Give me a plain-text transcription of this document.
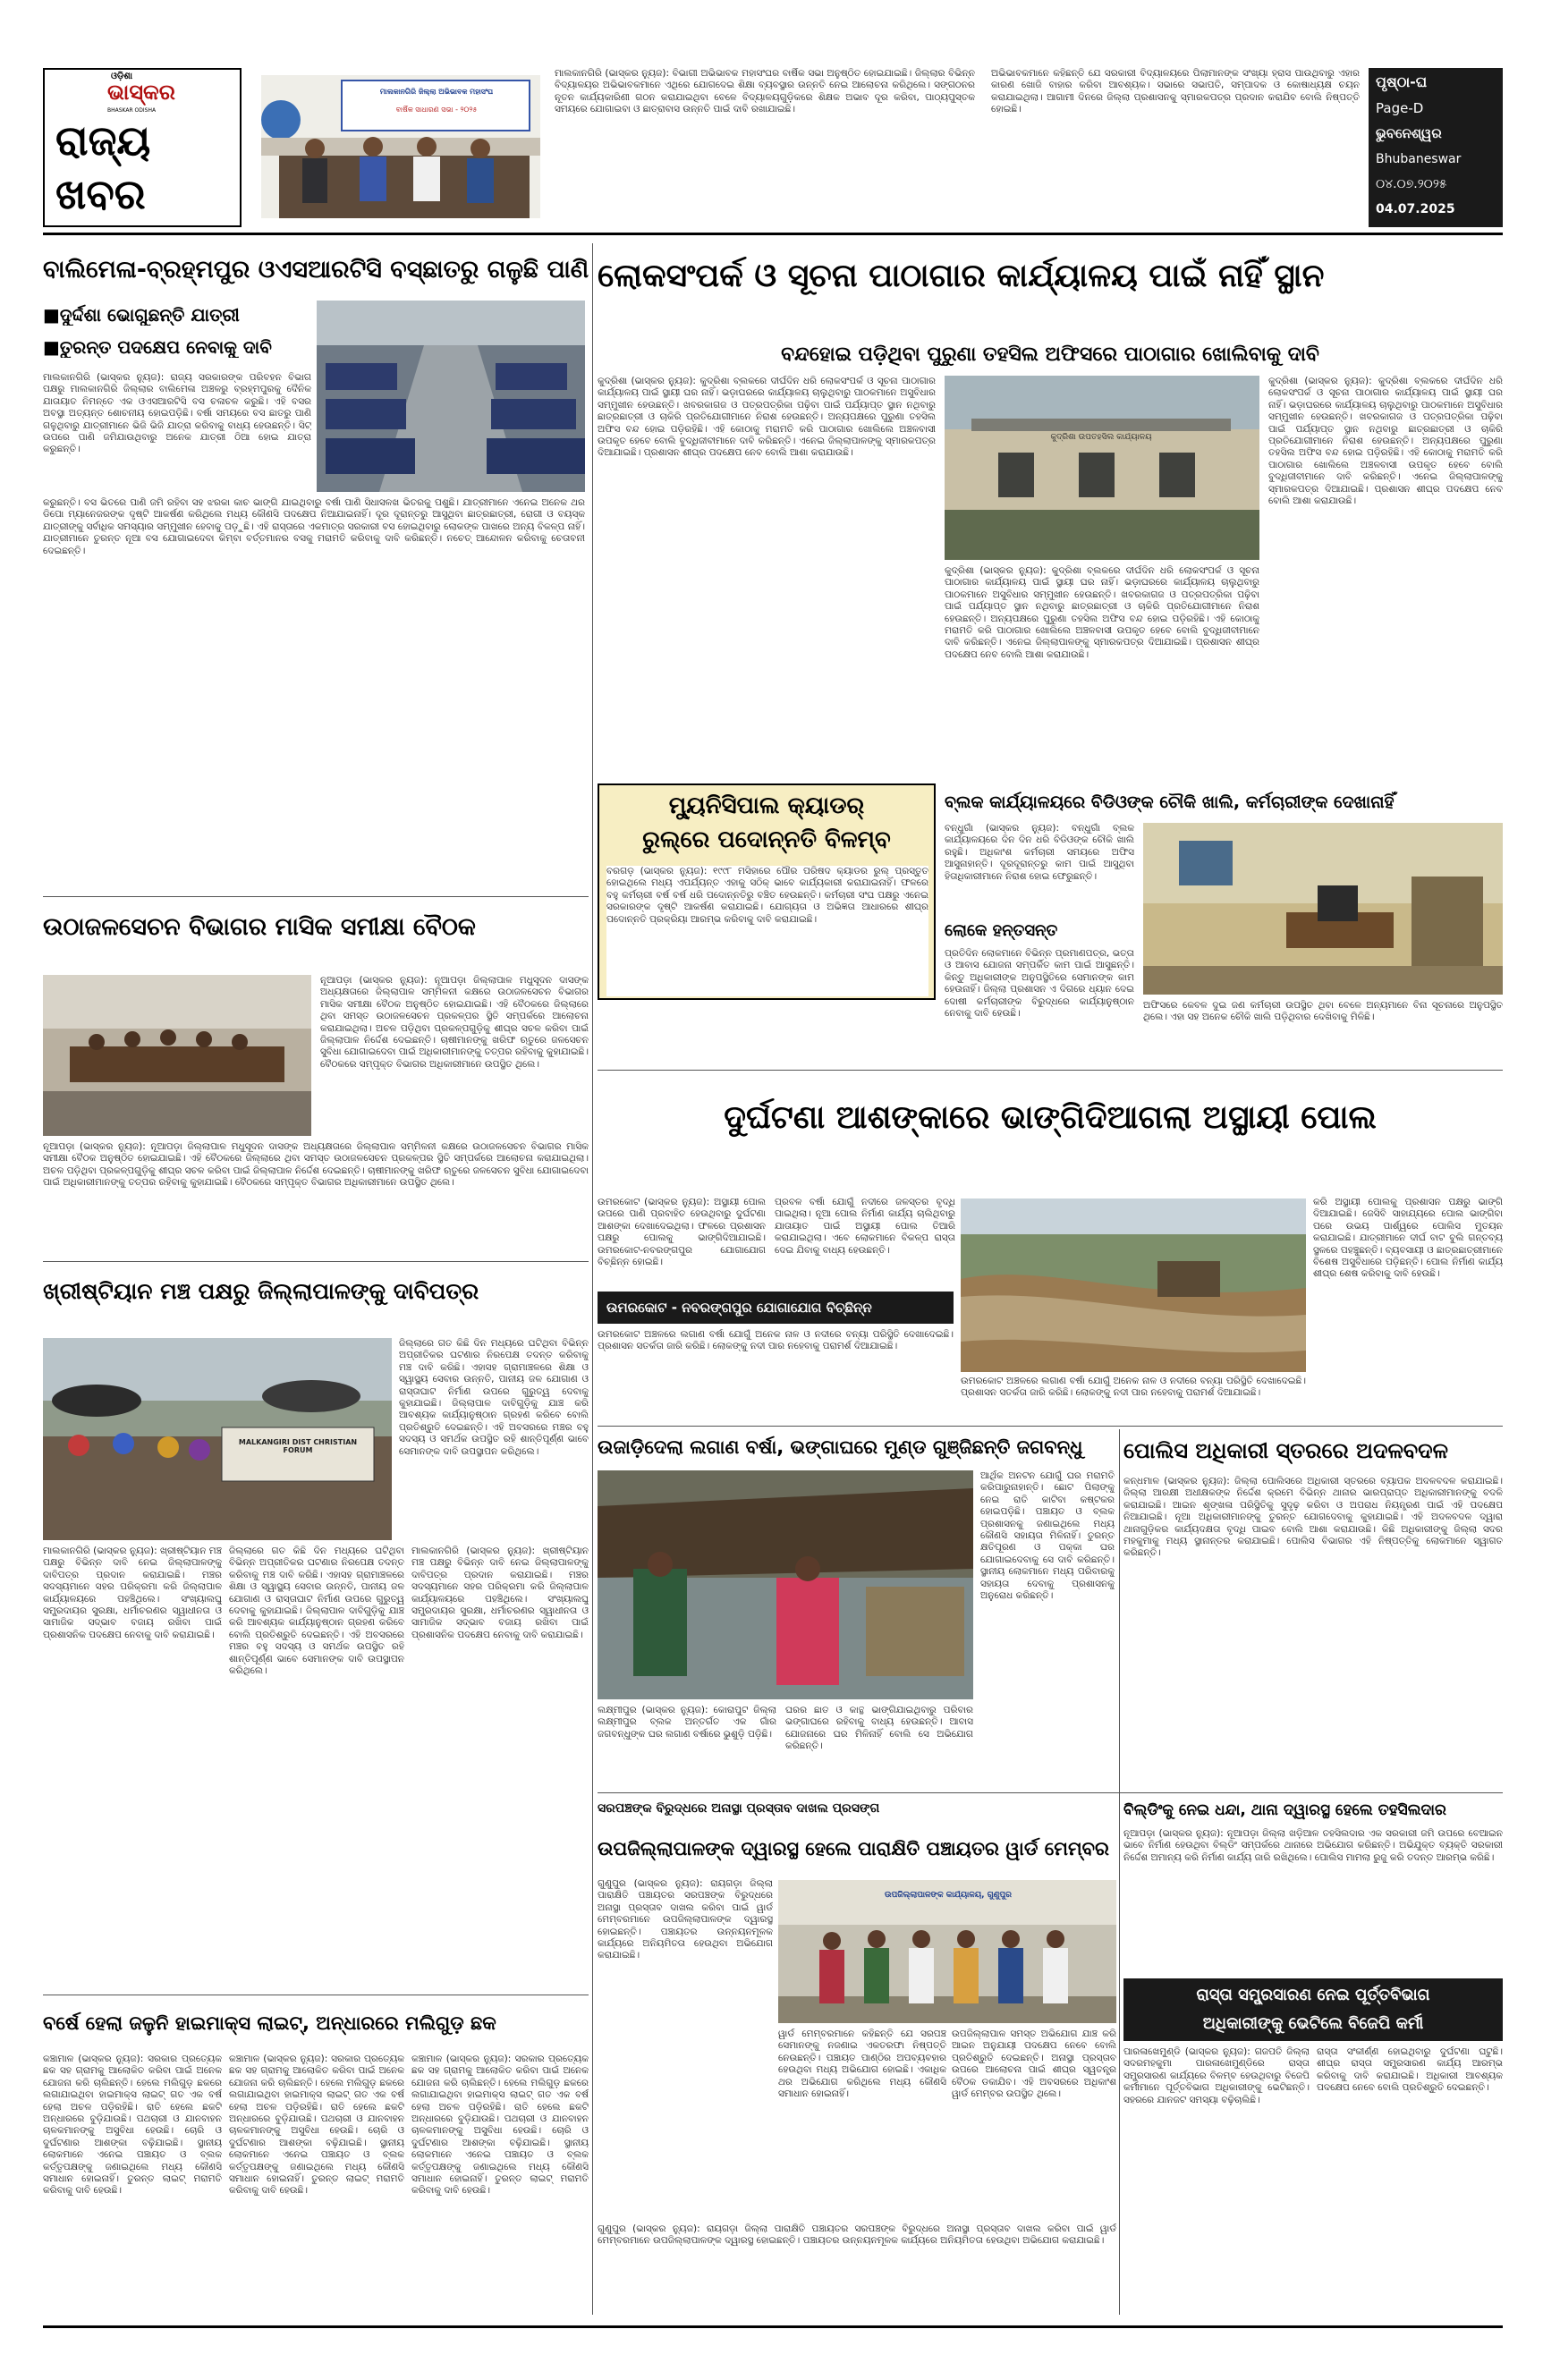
ଓଡ଼ିଶା
ଭାସ୍କର
BHASKAR ODISHA
ରାଜ୍ୟ
ଖବର
ମାଲକାନଗିରି ଜିଲ୍ଲା ଅଭିଭାବକ ମହାସଂଘ
ବାର୍ଷିକ ସାଧାରଣ ସଭା - ୨୦୨୫
ମାଲକାନଗିରି (ଭାସ୍କର ନ୍ୟୁଜ): ବିଭାଗୀ ଅଭିଭାବକ ମହାସଂଘର ବାର୍ଷିକ ସଭା ଅନୁଷ୍ଠିତ ହୋଇଯାଇଛି। ଜିଲ୍ଲାର ବିଭିନ୍ନ ବିଦ୍ୟାଳୟର ଅଭିଭାବକମାନେ ଏଥିରେ ଯୋଗଦେଇ ଶିକ୍ଷା ବ୍ୟବସ୍ଥାର ଉନ୍ନତି ନେଇ ଆଲୋଚନା କରିଥିଲେ। ସଙ୍ଗଠନର ନୂତନ କାର୍ଯ୍ୟକାରିଣୀ ଗଠନ କରାଯାଇଥିବା ବେଳେ ବିଦ୍ୟାଳୟଗୁଡ଼ିକରେ ଶିକ୍ଷକ ଅଭାବ ଦୂର କରିବା, ପାଠ୍ୟପୁସ୍ତକ ସମୟରେ ଯୋଗାଇବା ଓ ଛାତ୍ରାବାସ ଉନ୍ନତି ପାଇଁ ଦାବି ରଖାଯାଇଛି।
ଅଭିଭାବକମାନେ କହିଛନ୍ତି ଯେ ସରକାରୀ ବିଦ୍ୟାଳୟରେ ପିଲାମାନଙ୍କ ସଂଖ୍ୟା ହ୍ରାସ ପାଉଥିବାରୁ ଏହାର କାରଣ ଖୋଜି ବାହାର କରିବା ଆବଶ୍ୟକ। ସଭାରେ ସଭାପତି, ସମ୍ପାଦକ ଓ କୋଷାଧ୍ୟକ୍ଷ ଚୟନ କରାଯାଇଥିଲା। ଆଗାମୀ ଦିନରେ ଜିଲ୍ଲା ପ୍ରଶାସନକୁ ସ୍ମାରକପତ୍ର ପ୍ରଦାନ କରାଯିବ ବୋଲି ନିଷ୍ପତ୍ତି ହୋଇଛି।
ପୃଷ୍ଠା-ଘ
Page-D
ଭୁବନେଶ୍ୱର
Bhubaneswar
୦୪.୦୭.୨୦୨୫
04.07.2025
ବାଲିମେଳା-ବ୍ରହ୍ମପୁର ଓଏସଆରଟିସି ବସ୍‌ଛାତରୁ ଗଳୁଛି ପାଣି
■ଦୁର୍ଦ୍ଦଶା ଭୋଗୁଛନ୍ତି ଯାତ୍ରୀ
■ତୁରନ୍ତ ପଦକ୍ଷେପ ନେବାକୁ ଦାବି
ମାଲକାନଗିରି (ଭାସ୍କର ନ୍ୟୁଜ): ରାଜ୍ୟ ସରକାରଙ୍କ ପରିବହନ ବିଭାଗ ପକ୍ଷରୁ ମାଲକାନଗିରି ଜିଲ୍ଲାର ବାଲିମେଳା ଅଞ୍ଚଳରୁ ବ୍ରହ୍ମପୁରକୁ ଦୈନିକ ଯାତାୟାତ ନିମନ୍ତେ ଏକ ଓଏସଆରଟିସି ବସ ଚଳାଚଳ କରୁଛି। ଏହି ବସର ଅବସ୍ଥା ଅତ୍ୟନ୍ତ ଶୋଚନୀୟ ହୋଇପଡ଼ିଛି। ବର୍ଷା ସମୟରେ ବସ ଛାତରୁ ପାଣି ଗଳୁଥିବାରୁ ଯାତ୍ରୀମାନେ ଭିଜି ଭିଜି ଯାତ୍ରା କରିବାକୁ ବାଧ୍ୟ ହେଉଛନ୍ତି। ସିଟ୍ ଉପରେ ପାଣି ଜମିଯାଉଥିବାରୁ ଅନେକ ଯାତ୍ରୀ ଠିଆ ହୋଇ ଯାତ୍ରା କରୁଛନ୍ତି।
କରୁଛନ୍ତି। ବସ ଭିତରେ ପାଣି ଜମି ରହିବା ସହ ଝରକା କାଚ ଭାଙ୍ଗି ଯାଇଥିବାରୁ ବର୍ଷା ପାଣି ସିଧାସଳଖ ଭିତରକୁ ପଶୁଛି। ଯାତ୍ରୀମାନେ ଏନେଇ ଅନେକ ଥର ଡିପୋ ମ୍ୟାନେଜରଙ୍କ ଦୃଷ୍ଟି ଆକର୍ଷଣ କରିଥିଲେ ମଧ୍ୟ କୌଣସି ପଦକ୍ଷେପ ନିଆଯାଇନାହିଁ। ଦୂର ଦୂରାନ୍ତରୁ ଆସୁଥିବା ଛାତ୍ରଛାତ୍ରୀ, ରୋଗୀ ଓ ବୟସ୍କ ଯାତ୍ରୀଙ୍କୁ ସର୍ବାଧିକ ସମସ୍ୟାର ସମ୍ମୁଖୀନ ହେବାକୁ ପଡ଼ୁଛି। ଏହି ରାସ୍ତାରେ ଏକମାତ୍ର ସରକାରୀ ବସ ହୋଇଥିବାରୁ ଲୋକଙ୍କ ପାଖରେ ଅନ୍ୟ ବିକଳ୍ପ ନାହିଁ। ଯାତ୍ରୀମାନେ ତୁରନ୍ତ ନୂଆ ବସ ଯୋଗାଇଦେବା କିମ୍ବା ବର୍ତ୍ତମାନର ବସକୁ ମରାମତି କରିବାକୁ ଦାବି କରିଛନ୍ତି। ନଚେତ୍ ଆନ୍ଦୋଳନ କରିବାକୁ ଚେତାବନୀ ଦେଇଛନ୍ତି।
ଲୋକସଂପର୍କ ଓ ସୂଚନା ପାଠାଗାର କାର୍ଯ୍ୟାଳୟ ପାଇଁ ନାହିଁ ସ୍ଥାନ
ବନ୍ଦହୋଇ ପଡ଼ିଥିବା ପୁରୁଣା ତହସିଲ ଅଫିସରେ ପାଠାଗାର ଖୋଲିବାକୁ ଦାବି
କୁଦ୍ରିଶା (ଭାସ୍କର ନ୍ୟୁଜ): କୁଦ୍ରିଶା ବ୍ଲକରେ ଦୀର୍ଘଦିନ ଧରି ଲୋକସଂପର୍କ ଓ ସୂଚନା ପାଠାଗାର କାର୍ଯ୍ୟାଳୟ ପାଇଁ ସ୍ଥାୟୀ ଘର ନାହିଁ। ଭଡ଼ାଘରରେ କାର୍ଯ୍ୟାଳୟ ଚାଲୁଥିବାରୁ ପାଠକମାନେ ଅସୁବିଧାର ସମ୍ମୁଖୀନ ହେଉଛନ୍ତି। ଖବରକାଗଜ ଓ ପତ୍ରପତ୍ରିକା ପଢ଼ିବା ପାଇଁ ପର୍ଯ୍ୟାପ୍ତ ସ୍ଥାନ ନଥିବାରୁ ଛାତ୍ରଛାତ୍ରୀ ଓ ଚାକିରି ପ୍ରତିଯୋଗୀମାନେ ନିରାଶ ହେଉଛନ୍ତି। ଅନ୍ୟପକ୍ଷରେ ପୁରୁଣା ତହସିଲ ଅଫିସ ବନ୍ଦ ହୋଇ ପଡ଼ିରହିଛି। ଏହି କୋଠାକୁ ମରାମତି କରି ପାଠାଗାର ଖୋଲିଲେ ଅଞ୍ଚଳବାସୀ ଉପକୃତ ହେବେ ବୋଲି ବୁଦ୍ଧିଜୀବୀମାନେ ଦାବି କରିଛନ୍ତି। ଏନେଇ ଜିଲ୍ଲାପାଳଙ୍କୁ ସ୍ମାରକପତ୍ର ଦିଆଯାଇଛି। ପ୍ରଶାସନ ଶୀଘ୍ର ପଦକ୍ଷେପ ନେବ ବୋଲି ଆଶା କରାଯାଉଛି।
କୁଦ୍ରିଶା ଉପତହସିଲ କାର୍ଯ୍ୟାଳୟ
କୁଦ୍ରିଶା (ଭାସ୍କର ନ୍ୟୁଜ): କୁଦ୍ରିଶା ବ୍ଲକରେ ଦୀର୍ଘଦିନ ଧରି ଲୋକସଂପର୍କ ଓ ସୂଚନା ପାଠାଗାର କାର୍ଯ୍ୟାଳୟ ପାଇଁ ସ୍ଥାୟୀ ଘର ନାହିଁ। ଭଡ଼ାଘରରେ କାର୍ଯ୍ୟାଳୟ ଚାଲୁଥିବାରୁ ପାଠକମାନେ ଅସୁବିଧାର ସମ୍ମୁଖୀନ ହେଉଛନ୍ତି। ଖବରକାଗଜ ଓ ପତ୍ରପତ୍ରିକା ପଢ଼ିବା ପାଇଁ ପର୍ଯ୍ୟାପ୍ତ ସ୍ଥାନ ନଥିବାରୁ ଛାତ୍ରଛାତ୍ରୀ ଓ ଚାକିରି ପ୍ରତିଯୋଗୀମାନେ ନିରାଶ ହେଉଛନ୍ତି। ଅନ୍ୟପକ୍ଷରେ ପୁରୁଣା ତହସିଲ ଅଫିସ ବନ୍ଦ ହୋଇ ପଡ଼ିରହିଛି। ଏହି କୋଠାକୁ ମରାମତି କରି ପାଠାଗାର ଖୋଲିଲେ ଅଞ୍ଚଳବାସୀ ଉପକୃତ ହେବେ ବୋଲି ବୁଦ୍ଧିଜୀବୀମାନେ ଦାବି କରିଛନ୍ତି। ଏନେଇ ଜିଲ୍ଲାପାଳଙ୍କୁ ସ୍ମାରକପତ୍ର ଦିଆଯାଇଛି। ପ୍ରଶାସନ ଶୀଘ୍ର ପଦକ୍ଷେପ ନେବ ବୋଲି ଆଶା କରାଯାଉଛି।
କୁଦ୍ରିଶା (ଭାସ୍କର ନ୍ୟୁଜ): କୁଦ୍ରିଶା ବ୍ଲକରେ ଦୀର୍ଘଦିନ ଧରି ଲୋକସଂପର୍କ ଓ ସୂଚନା ପାଠାଗାର କାର୍ଯ୍ୟାଳୟ ପାଇଁ ସ୍ଥାୟୀ ଘର ନାହିଁ। ଭଡ଼ାଘରରେ କାର୍ଯ୍ୟାଳୟ ଚାଲୁଥିବାରୁ ପାଠକମାନେ ଅସୁବିଧାର ସମ୍ମୁଖୀନ ହେଉଛନ୍ତି। ଖବରକାଗଜ ଓ ପତ୍ରପତ୍ରିକା ପଢ଼ିବା ପାଇଁ ପର୍ଯ୍ୟାପ୍ତ ସ୍ଥାନ ନଥିବାରୁ ଛାତ୍ରଛାତ୍ରୀ ଓ ଚାକିରି ପ୍ରତିଯୋଗୀମାନେ ନିରାଶ ହେଉଛନ୍ତି। ଅନ୍ୟପକ୍ଷରେ ପୁରୁଣା ତହସିଲ ଅଫିସ ବନ୍ଦ ହୋଇ ପଡ଼ିରହିଛି। ଏହି କୋଠାକୁ ମରାମତି କରି ପାଠାଗାର ଖୋଲିଲେ ଅଞ୍ଚଳବାସୀ ଉପକୃତ ହେବେ ବୋଲି ବୁଦ୍ଧିଜୀବୀମାନେ ଦାବି କରିଛନ୍ତି। ଏନେଇ ଜିଲ୍ଲାପାଳଙ୍କୁ ସ୍ମାରକପତ୍ର ଦିଆଯାଇଛି। ପ୍ରଶାସନ ଶୀଘ୍ର ପଦକ୍ଷେପ ନେବ ବୋଲି ଆଶା କରାଯାଉଛି।
ମ୍ୟୁନିସିପାଲ କ୍ୟାଡର୍
ରୁଲ୍‌ରେ ପଦୋନ୍ନତି ବିଳମ୍ବ
ବରଗଡ଼ (ଭାସ୍କର ନ୍ୟୁଜ): ୧୯୯୮ ମସିହାରେ ପୌର ପରିଷଦ କ୍ୟାଡର ରୁଲ୍ ପ୍ରସ୍ତୁତ ହୋଇଥିଲେ ମଧ୍ୟ ଏପର୍ଯ୍ୟନ୍ତ ଏହାକୁ ସଠିକ୍ ଭାବେ କାର୍ଯ୍ୟକାରୀ କରାଯାଇନାହିଁ। ଫଳରେ ବହୁ କର୍ମଚାରୀ ବର୍ଷ ବର୍ଷ ଧରି ପଦୋନ୍ନତିରୁ ବଞ୍ଚିତ ହେଉଛନ୍ତି। କର୍ମଚାରୀ ସଂଘ ପକ୍ଷରୁ ଏନେଇ ସରକାରଙ୍କ ଦୃଷ୍ଟି ଆକର୍ଷଣ କରାଯାଇଛି। ଯୋଗ୍ୟତା ଓ ଅଭିଜ୍ଞତା ଆଧାରରେ ଶୀଘ୍ର ପଦୋନ୍ନତି ପ୍ରକ୍ରିୟା ଆରମ୍ଭ କରିବାକୁ ଦାବି କରାଯାଇଛି।
ବ୍ଲକ କାର୍ଯ୍ୟାଳୟରେ ବିଡିଓଙ୍କ ଚୌକି ଖାଲି, କର୍ମଚାରୀଙ୍କ ଦେଖାନାହିଁ
ବନ୍ଧୁଗାଁ (ଭାସ୍କର ନ୍ୟୁଜ): ବନ୍ଧୁଗାଁ ବ୍ଲକ କାର୍ଯ୍ୟାଳୟରେ ଦିନ ଦିନ ଧରି ବିଡିଓଙ୍କ ଚୌକି ଖାଲି ରହୁଛି। ଅଧିକାଂଶ କର୍ମଚାରୀ ସମୟରେ ଅଫିସ ଆସୁନାହାନ୍ତି। ଦୂରଦୂରାନ୍ତରୁ କାମ ପାଇଁ ଆସୁଥିବା ହିତାଧିକାରୀମାନେ ନିରାଶ ହୋଇ ଫେରୁଛନ୍ତି।
ଲୋକେ ହନ୍ତସନ୍ତ
ପ୍ରତିଦିନ ଲୋକମାନେ ବିଭିନ୍ନ ପ୍ରମାଣପତ୍ର, ଭତ୍ତା ଓ ଆବାସ ଯୋଜନା ସମ୍ପର୍କିତ କାମ ପାଇଁ ଆସୁଛନ୍ତି। କିନ୍ତୁ ଅଧିକାରୀଙ୍କ ଅନୁପସ୍ଥିତିରେ ସେମାନଙ୍କ କାମ ହେଉନାହିଁ। ଜିଲ୍ଲା ପ୍ରଶାସନ ଏ ଦିଗରେ ଧ୍ୟାନ ଦେଇ ଦୋଷୀ କର୍ମଚାରୀଙ୍କ ବିରୁଦ୍ଧରେ କାର୍ଯ୍ୟାନୁଷ୍ଠାନ ନେବାକୁ ଦାବି ହେଉଛି।
ଅଫିସରେ କେବଳ ଦୁଇ ଜଣ କର୍ମଚାରୀ ଉପସ୍ଥିତ ଥିବା ବେଳେ ଅନ୍ୟମାନେ ବିନା ସୂଚନାରେ ଅନୁପସ୍ଥିତ ଥିଲେ। ଏହା ସହ ଅନେକ ଚୌକି ଖାଲି ପଡ଼ିଥିବାର ଦେଖିବାକୁ ମିଳିଛି।
ଉଠାଜଳସେଚନ ବିଭାଗର ମାସିକ ସମୀକ୍ଷା ବୈଠକ
ନୂଆପଡ଼ା (ଭାସ୍କର ନ୍ୟୁଜ): ନୂଆପଡ଼ା ଜିଲ୍ଲାପାଳ ମଧୁସୂଦନ ଦାସଙ୍କ ଅଧ୍ୟକ୍ଷତାରେ ଜିଲ୍ଲାପାଳ ସମ୍ମିଳନୀ କକ୍ଷରେ ଉଠାଜଳସେଚନ ବିଭାଗର ମାସିକ ସମୀକ୍ଷା ବୈଠକ ଅନୁଷ୍ଠିତ ହୋଇଯାଇଛି। ଏହି ବୈଠକରେ ଜିଲ୍ଲାରେ ଥିବା ସମସ୍ତ ଉଠାଜଳସେଚନ ପ୍ରକଳ୍ପର ସ୍ଥିତି ସମ୍ପର୍କରେ ଆଲୋଚନା କରାଯାଇଥିଲା। ଅଚଳ ପଡ଼ିଥିବା ପ୍ରକଳ୍ପଗୁଡ଼ିକୁ ଶୀଘ୍ର ସଚଳ କରିବା ପାଇଁ ଜିଲ୍ଲାପାଳ ନିର୍ଦ୍ଦେଶ ଦେଇଛନ୍ତି। ଚାଷୀମାନଙ୍କୁ ଖରିଫ ଋତୁରେ ଜଳସେଚନ ସୁବିଧା ଯୋଗାଇଦେବା ପାଇଁ ଅଧିକାରୀମାନଙ୍କୁ ତତ୍ପର ରହିବାକୁ କୁହାଯାଇଛି। ବୈଠକରେ ସମ୍ପୃକ୍ତ ବିଭାଗର ଅଧିକାରୀମାନେ ଉପସ୍ଥିତ ଥିଲେ।
ନୂଆପଡ଼ା (ଭାସ୍କର ନ୍ୟୁଜ): ନୂଆପଡ଼ା ଜିଲ୍ଲାପାଳ ମଧୁସୂଦନ ଦାସଙ୍କ ଅଧ୍ୟକ୍ଷତାରେ ଜିଲ୍ଲାପାଳ ସମ୍ମିଳନୀ କକ୍ଷରେ ଉଠାଜଳସେଚନ ବିଭାଗର ମାସିକ ସମୀକ୍ଷା ବୈଠକ ଅନୁଷ୍ଠିତ ହୋଇଯାଇଛି। ଏହି ବୈଠକରେ ଜିଲ୍ଲାରେ ଥିବା ସମସ୍ତ ଉଠାଜଳସେଚନ ପ୍ରକଳ୍ପର ସ୍ଥିତି ସମ୍ପର୍କରେ ଆଲୋଚନା କରାଯାଇଥିଲା। ଅଚଳ ପଡ଼ିଥିବା ପ୍ରକଳ୍ପଗୁଡ଼ିକୁ ଶୀଘ୍ର ସଚଳ କରିବା ପାଇଁ ଜିଲ୍ଲାପାଳ ନିର୍ଦ୍ଦେଶ ଦେଇଛନ୍ତି। ଚାଷୀମାନଙ୍କୁ ଖରିଫ ଋତୁରେ ଜଳସେଚନ ସୁବିଧା ଯୋଗାଇଦେବା ପାଇଁ ଅଧିକାରୀମାନଙ୍କୁ ତତ୍ପର ରହିବାକୁ କୁହାଯାଇଛି। ବୈଠକରେ ସମ୍ପୃକ୍ତ ବିଭାଗର ଅଧିକାରୀମାନେ ଉପସ୍ଥିତ ଥିଲେ।
ଦୁର୍ଘଟଣା ଆଶଙ୍କାରେ ଭାଙ୍ଗିଦିଆଗଲା ଅସ୍ଥାୟୀ ପୋଲ
ଉମରକୋଟ (ଭାସ୍କର ନ୍ୟୁଜ): ଅସ୍ଥାୟୀ ପୋଲ ଉପରେ ପାଣି ପ୍ରବାହିତ ହେଉଥିବାରୁ ଦୁର୍ଘଟଣା ଆଶଙ୍କା ଦେଖାଦେଇଥିଲା। ଫଳରେ ପ୍ରଶାସନ ପକ୍ଷରୁ ପୋଲକୁ ଭାଙ୍ଗିଦିଆଯାଇଛି। ଉମରକୋଟ-ନବରଙ୍ଗପୁର ଯୋଗାଯୋଗ ବିଚ୍ଛିନ୍ନ ହୋଇଛି।
ପ୍ରବଳ ବର୍ଷା ଯୋଗୁଁ ନଦୀରେ ଜଳସ୍ତର ବୃଦ୍ଧି ପାଇଥିଲା। ନୂଆ ପୋଲ ନିର୍ମାଣ କାର୍ଯ୍ୟ ଚାଲିଥିବାରୁ ଯାତାୟାତ ପାଇଁ ଅସ୍ଥାୟୀ ପୋଲ ତିଆରି କରାଯାଇଥିଲା। ଏବେ ଲୋକମାନେ ବିକଳ୍ପ ରାସ୍ତା ଦେଇ ଯିବାକୁ ବାଧ୍ୟ ହେଉଛନ୍ତି।
ଉମରକୋଟ - ନବରଙ୍ଗପୁର ଯୋଗାଯୋଗ ବିଚ୍ଛିନ୍ନ
ଉମରକୋଟ ଅଞ୍ଚଳରେ ଲଗାଣ ବର୍ଷା ଯୋଗୁଁ ଅନେକ ନାଳ ଓ ନଦୀରେ ବନ୍ୟା ପରିସ୍ଥିତି ଦେଖାଦେଇଛି। ପ୍ରଶାସନ ସତର୍କତା ଜାରି କରିଛି। ଲୋକଙ୍କୁ ନଦୀ ପାର ନହେବାକୁ ପରାମର୍ଶ ଦିଆଯାଇଛି।
କରି ଅସ୍ଥାୟୀ ପୋଲକୁ ପ୍ରଶାସନ ପକ୍ଷରୁ ଭାଙ୍ଗି ଦିଆଯାଇଛି। ଜେସିବି ସାହାଯ୍ୟରେ ପୋଲ ଭାଙ୍ଗିବା ପରେ ଉଭୟ ପାର୍ଶ୍ୱରେ ପୋଲିସ ମୁତୟନ କରାଯାଇଛି। ଯାତ୍ରୀମାନେ ଦୀର୍ଘ ବାଟ ବୁଲି ଗନ୍ତବ୍ୟ ସ୍ଥଳରେ ପହଞ୍ଚୁଛନ୍ତି। ବ୍ୟବସାୟୀ ଓ ଛାତ୍ରଛାତ୍ରୀମାନେ ବିଶେଷ ଅସୁବିଧାରେ ପଡ଼ିଛନ୍ତି। ପୋଲ ନିର୍ମାଣ କାର୍ଯ୍ୟ ଶୀଘ୍ର ଶେଷ କରିବାକୁ ଦାବି ହେଉଛି।
ଉମରକୋଟ ଅଞ୍ଚଳରେ ଲଗାଣ ବର୍ଷା ଯୋଗୁଁ ଅନେକ ନାଳ ଓ ନଦୀରେ ବନ୍ୟା ପରିସ୍ଥିତି ଦେଖାଦେଇଛି। ପ୍ରଶାସନ ସତର୍କତା ଜାରି କରିଛି। ଲୋକଙ୍କୁ ନଦୀ ପାର ନହେବାକୁ ପରାମର୍ଶ ଦିଆଯାଇଛି।
ଖ୍ରୀଷ୍ଟିୟାନ ମଞ୍ଚ ପକ୍ଷରୁ ଜିଲ୍ଲାପାଳଙ୍କୁ ଦାବିପତ୍ର
MALKANGIRI DIST CHRISTIAN FORUM
ଜିଲ୍ଲାରେ ଗତ କିଛି ଦିନ ମଧ୍ୟରେ ଘଟିଥିବା ବିଭିନ୍ନ ଅପ୍ରୀତିକର ଘଟଣାର ନିରପେକ୍ଷ ତଦନ୍ତ କରିବାକୁ ମଞ୍ଚ ଦାବି କରିଛି। ଏହାସହ ଗ୍ରାମାଞ୍ଚଳରେ ଶିକ୍ଷା ଓ ସ୍ୱାସ୍ଥ୍ୟ ସେବାର ଉନ୍ନତି, ପାନୀୟ ଜଳ ଯୋଗାଣ ଓ ରାସ୍ତାଘାଟ ନିର୍ମାଣ ଉପରେ ଗୁରୁତ୍ୱ ଦେବାକୁ କୁହାଯାଇଛି। ଜିଲ୍ଲାପାଳ ଦାବିଗୁଡ଼ିକୁ ଯାଞ୍ଚ କରି ଆବଶ୍ୟକ କାର୍ଯ୍ୟାନୁଷ୍ଠାନ ଗ୍ରହଣ କରିବେ ବୋଲି ପ୍ରତିଶ୍ରୁତି ଦେଇଛନ୍ତି। ଏହି ଅବସରରେ ମଞ୍ଚର ବହୁ ସଦସ୍ୟ ଓ ସମର୍ଥକ ଉପସ୍ଥିତ ରହି ଶାନ୍ତିପୂର୍ଣ୍ଣ ଭାବେ ସେମାନଙ୍କ ଦାବି ଉପସ୍ଥାପନ କରିଥିଲେ।
ମାଲକାନଗିରି (ଭାସ୍କର ନ୍ୟୁଜ): ଖ୍ରୀଷ୍ଟିୟାନ ମଞ୍ଚ ପକ୍ଷରୁ ବିଭିନ୍ନ ଦାବି ନେଇ ଜିଲ୍ଲାପାଳଙ୍କୁ ଦାବିପତ୍ର ପ୍ରଦାନ କରାଯାଇଛି। ମଞ୍ଚର ସଦସ୍ୟମାନେ ସହର ପରିକ୍ରମା କରି ଜିଲ୍ଲାପାଳ କାର୍ଯ୍ୟାଳୟରେ ପହଞ୍ଚିଥିଲେ। ସଂଖ୍ୟାଲଘୁ ସମ୍ପ୍ରଦାୟର ସୁରକ୍ଷା, ଧର୍ମାଚରଣର ସ୍ୱାଧୀନତା ଓ ସାମାଜିକ ସଦ୍‌ଭାବ ବଜାୟ ରଖିବା ପାଇଁ ପ୍ରଶାସନିକ ପଦକ୍ଷେପ ନେବାକୁ ଦାବି କରାଯାଇଛି।
ଜିଲ୍ଲାରେ ଗତ କିଛି ଦିନ ମଧ୍ୟରେ ଘଟିଥିବା ବିଭିନ୍ନ ଅପ୍ରୀତିକର ଘଟଣାର ନିରପେକ୍ଷ ତଦନ୍ତ କରିବାକୁ ମଞ୍ଚ ଦାବି କରିଛି। ଏହାସହ ଗ୍ରାମାଞ୍ଚଳରେ ଶିକ୍ଷା ଓ ସ୍ୱାସ୍ଥ୍ୟ ସେବାର ଉନ୍ନତି, ପାନୀୟ ଜଳ ଯୋଗାଣ ଓ ରାସ୍ତାଘାଟ ନିର୍ମାଣ ଉପରେ ଗୁରୁତ୍ୱ ଦେବାକୁ କୁହାଯାଇଛି। ଜିଲ୍ଲାପାଳ ଦାବିଗୁଡ଼ିକୁ ଯାଞ୍ଚ କରି ଆବଶ୍ୟକ କାର୍ଯ୍ୟାନୁଷ୍ଠାନ ଗ୍ରହଣ କରିବେ ବୋଲି ପ୍ରତିଶ୍ରୁତି ଦେଇଛନ୍ତି। ଏହି ଅବସରରେ ମଞ୍ଚର ବହୁ ସଦସ୍ୟ ଓ ସମର୍ଥକ ଉପସ୍ଥିତ ରହି ଶାନ୍ତିପୂର୍ଣ୍ଣ ଭାବେ ସେମାନଙ୍କ ଦାବି ଉପସ୍ଥାପନ କରିଥିଲେ।
ମାଲକାନଗିରି (ଭାସ୍କର ନ୍ୟୁଜ): ଖ୍ରୀଷ୍ଟିୟାନ ମଞ୍ଚ ପକ୍ଷରୁ ବିଭିନ୍ନ ଦାବି ନେଇ ଜିଲ୍ଲାପାଳଙ୍କୁ ଦାବିପତ୍ର ପ୍ରଦାନ କରାଯାଇଛି। ମଞ୍ଚର ସଦସ୍ୟମାନେ ସହର ପରିକ୍ରମା କରି ଜିଲ୍ଲାପାଳ କାର୍ଯ୍ୟାଳୟରେ ପହଞ୍ଚିଥିଲେ। ସଂଖ୍ୟାଲଘୁ ସମ୍ପ୍ରଦାୟର ସୁରକ୍ଷା, ଧର୍ମାଚରଣର ସ୍ୱାଧୀନତା ଓ ସାମାଜିକ ସଦ୍‌ଭାବ ବଜାୟ ରଖିବା ପାଇଁ ପ୍ରଶାସନିକ ପଦକ୍ଷେପ ନେବାକୁ ଦାବି କରାଯାଇଛି।
ଉଜାଡ଼ିଦେଲା ଲଗାଣ ବର୍ଷା, ଭଙ୍ଗାଘରେ ମୁଣ୍ଡ ଗୁଞ୍ଜିଛନ୍ତି ଜଗବନ୍ଧୁ
ଲକ୍ଷ୍ମୀପୁର (ଭାସ୍କର ନ୍ୟୁଜ): କୋରାପୁଟ ଜିଲ୍ଲା ଲକ୍ଷ୍ମୀପୁର ବ୍ଲକ ଅନ୍ତର୍ଗତ ଏକ ଗାଁର ଜଗବନ୍ଧୁଙ୍କ ଘର ଲଗାଣ ବର୍ଷାରେ ଭୁଶୁଡ଼ି ପଡ଼ିଛି।
ଘରର ଛାତ ଓ କାନ୍ଥ ଭାଙ୍ଗିଯାଇଥିବାରୁ ପରିବାର ଭଙ୍ଗାଘରେ ରହିବାକୁ ବାଧ୍ୟ ହେଉଛନ୍ତି। ଆବାସ ଯୋଜନାରେ ଘର ମିଳିନାହିଁ ବୋଲି ସେ ଅଭିଯୋଗ କରିଛନ୍ତି।
ଆର୍ଥିକ ଅନଟନ ଯୋଗୁଁ ଘର ମରାମତି କରିପାରୁନାହାନ୍ତି। ଛୋଟ ପିଲାଙ୍କୁ ନେଇ ରାତି କାଟିବା କଷ୍ଟକର ହୋଇପଡ଼ିଛି। ପଞ୍ଚାୟତ ଓ ବ୍ଲକ ପ୍ରଶାସନକୁ ଜଣାଇଥିଲେ ମଧ୍ୟ କୌଣସି ସହାୟତା ମିଳିନାହିଁ। ତୁରନ୍ତ କ୍ଷତିପୂରଣ ଓ ପକ୍କା ଘର ଯୋଗାଇଦେବାକୁ ସେ ଦାବି କରିଛନ୍ତି। ସ୍ଥାନୀୟ ଲୋକମାନେ ମଧ୍ୟ ପରିବାରକୁ ସହାୟତା ଦେବାକୁ ପ୍ରଶାସନକୁ ଅନୁରୋଧ କରିଛନ୍ତି।
ପୋଲିସ ଅଧିକାରୀ ସ୍ତରରେ ଅଦଳବଦଳ
କନ୍ଧମାଳ (ଭାସ୍କର ନ୍ୟୁଜ): ଜିଲ୍ଲା ପୋଲିସରେ ଅଧିକାରୀ ସ୍ତରରେ ବ୍ୟାପକ ଅଦଳବଦଳ କରାଯାଇଛି। ଜିଲ୍ଲା ଆରକ୍ଷୀ ଅଧୀକ୍ଷକଙ୍କ ନିର୍ଦ୍ଦେଶ କ୍ରମେ ବିଭିନ୍ନ ଥାନାର ଭାରପ୍ରାପ୍ତ ଅଧିକାରୀମାନଙ୍କୁ ବଦଳି କରାଯାଇଛି। ଆଇନ ଶୃଙ୍ଖଳା ପରିସ୍ଥିତିକୁ ସୁଦୃଢ଼ କରିବା ଓ ଅପରାଧ ନିୟନ୍ତ୍ରଣ ପାଇଁ ଏହି ପଦକ୍ଷେପ ନିଆଯାଇଛି। ନୂଆ ଅଧିକାରୀମାନଙ୍କୁ ତୁରନ୍ତ ଯୋଗଦେବାକୁ କୁହାଯାଇଛି। ଏହି ଅଦଳବଦଳ ଦ୍ୱାରା ଥାନାଗୁଡ଼ିକର କାର୍ଯ୍ୟଦକ୍ଷତା ବୃଦ୍ଧି ପାଇବ ବୋଲି ଆଶା କରାଯାଉଛି। କିଛି ଅଧିକାରୀଙ୍କୁ ଜିଲ୍ଲା ସଦର ମହକୁମାକୁ ମଧ୍ୟ ସ୍ଥାନାନ୍ତର କରାଯାଇଛି। ପୋଲିସ ବିଭାଗର ଏହି ନିଷ୍ପତ୍ତିକୁ ଲୋକମାନେ ସ୍ୱାଗତ କରିଛନ୍ତି।
ସରପଞ୍ଚଙ୍କ ବିରୁଦ୍ଧରେ ଅନାସ୍ଥା ପ୍ରସ୍ତାବ ଦାଖଲ ପ୍ରସଙ୍ଗ
ଉପଜିଲ୍ଲାପାଳଙ୍କ ଦ୍ୱାରସ୍ଥ ହେଲେ ପାରାକ୍ଷିତି ପଞ୍ଚାୟତର ୱାର୍ଡ ମେମ୍ବର
ଗୁଣୁପୁର (ଭାସ୍କର ନ୍ୟୁଜ): ରାୟଗଡ଼ା ଜିଲ୍ଲା ପାରାକ୍ଷିତି ପଞ୍ଚାୟତର ସରପଞ୍ଚଙ୍କ ବିରୁଦ୍ଧରେ ଅନାସ୍ଥା ପ୍ରସ୍ତାବ ଦାଖଲ କରିବା ପାଇଁ ୱାର୍ଡ ମେମ୍ବରମାନେ ଉପଜିଲ୍ଲାପାଳଙ୍କ ଦ୍ୱାରସ୍ଥ ହୋଇଛନ୍ତି। ପଞ୍ଚାୟତର ଉନ୍ନୟନମୂଳକ କାର୍ଯ୍ୟରେ ଅନିୟମିତତା ହେଉଥିବା ଅଭିଯୋଗ କରାଯାଇଛି।
ଉପଜିଲ୍ଲାପାଳଙ୍କ କାର୍ଯ୍ୟାଳୟ, ଗୁଣୁପୁର
ୱାର୍ଡ ମେମ୍ବରମାନେ କହିଛନ୍ତି ଯେ ସରପଞ୍ଚ ସେମାନଙ୍କୁ ନଜଣାଇ ଏକତରଫା ନିଷ୍ପତ୍ତି ନେଉଛନ୍ତି। ପଞ୍ଚାୟତ ପାଣ୍ଠିର ଅପବ୍ୟବହାର ହେଉଥିବା ମଧ୍ୟ ଅଭିଯୋଗ ହୋଇଛି। ଏକାଧିକ ଥର ଅଭିଯୋଗ କରିଥିଲେ ମଧ୍ୟ କୌଣସି ସମାଧାନ ହୋଇନାହିଁ।
ଉପଜିଲ୍ଲାପାଳ ସମସ୍ତ ଅଭିଯୋଗ ଯାଞ୍ଚ କରି ଆଇନ ଅନୁଯାୟୀ ପଦକ୍ଷେପ ନେବେ ବୋଲି ପ୍ରତିଶ୍ରୁତି ଦେଇଛନ୍ତି। ଅନାସ୍ଥା ପ୍ରସ୍ତାବ ଉପରେ ଆଲୋଚନା ପାଇଁ ଶୀଘ୍ର ସ୍ୱତନ୍ତ୍ର ବୈଠକ ଡକାଯିବ। ଏହି ଅବସରରେ ଅଧିକାଂଶ ୱାର୍ଡ ମେମ୍ବର ଉପସ୍ଥିତ ଥିଲେ।
ବିଲ୍ଡିଂକୁ ନେଇ ଧନ୍ଦା, ଥାନା ଦ୍ୱାରସ୍ଥ ହେଲେ ତହସିଲଦାର
ନୂଆପଡ଼ା (ଭାସ୍କର ନ୍ୟୁଜ): ନୂଆପଡ଼ା ଜିଲ୍ଲା ଖଡ଼ିଆଳ ତହସିଲଦାର ଏକ ସରକାରୀ ଜମି ଉପରେ ବେଆଇନ ଭାବେ ନିର୍ମାଣ ହେଉଥିବା ବିଲ୍ଡିଂ ସମ୍ପର୍କରେ ଥାନାରେ ଅଭିଯୋଗ କରିଛନ୍ତି। ଅଭିଯୁକ୍ତ ବ୍ୟକ୍ତି ସରକାରୀ ନିର୍ଦ୍ଦେଶ ଅମାନ୍ୟ କରି ନିର୍ମାଣ କାର୍ଯ୍ୟ ଜାରି ରଖିଥିଲେ। ପୋଲିସ ମାମଲା ରୁଜୁ କରି ତଦନ୍ତ ଆରମ୍ଭ କରିଛି।
ରାସ୍ତା ସମ୍ପ୍ରସାରଣ ନେଇ ପୂର୍ତ୍ତବିଭାଗ
ଅଧିକାରୀଙ୍କୁ ଭେଟିଲେ ବିଜେପି କର୍ମୀ
ପାରଳାଖେମୁଣ୍ଡି (ଭାସ୍କର ନ୍ୟୁଜ): ଗଜପତି ଜିଲ୍ଲା ସଦରମହକୁମା ପାରଳାଖେମୁଣ୍ଡିରେ ରାସ୍ତା ସମ୍ପ୍ରସାରଣ କାର୍ଯ୍ୟରେ ବିଳମ୍ବ ହେଉଥିବାରୁ ବିଜେପି କର୍ମୀମାନେ ପୂର୍ତ୍ତବିଭାଗ ଅଧିକାରୀଙ୍କୁ ଭେଟିଛନ୍ତି। ସହରରେ ଯାନଜଟ ସମସ୍ୟା ବଢ଼ିଚାଲିଛି।
ରାସ୍ତା ସଂକୀର୍ଣ୍ଣ ହୋଇଥିବାରୁ ଦୁର୍ଘଟଣା ଘଟୁଛି। ଶୀଘ୍ର ରାସ୍ତା ସମ୍ପ୍ରସାରଣ କାର୍ଯ୍ୟ ଆରମ୍ଭ କରିବାକୁ ଦାବି କରାଯାଇଛି। ଅଧିକାରୀ ଆବଶ୍ୟକ ପଦକ୍ଷେପ ନେବେ ବୋଲି ପ୍ରତିଶ୍ରୁତି ଦେଇଛନ୍ତି।
ବର୍ଷେ ହେଲା ଜଳୁନି ହାଇମାକ୍ସ ଲାଇଟ୍, ଅନ୍ଧାରରେ ମଲିଗୁଡ଼ ଛକ
କଞ୍ଚାମାଳ (ଭାସ୍କର ନ୍ୟୁଜ): ସରକାର ପ୍ରତ୍ୟେକ ଛକ ସହ ଗ୍ରାମକୁ ଆଲୋକିତ କରିବା ପାଇଁ ଅନେକ ଯୋଜନା କରି ଚାଲିଛନ୍ତି। ହେଲେ ମଲିଗୁଡ଼ ଛକରେ ଲଗାଯାଇଥିବା ହାଇମାକ୍ସ ଲାଇଟ୍ ଗତ ଏକ ବର୍ଷ ହେଲା ଅଚଳ ପଡ଼ିରହିଛି। ରାତି ହେଲେ ଛକଟି ଅନ୍ଧାରରେ ବୁଡ଼ିଯାଉଛି। ପଥଚାରୀ ଓ ଯାନବାହନ ଚାଳକମାନଙ୍କୁ ଅସୁବିଧା ହେଉଛି। ଚୋରି ଓ ଦୁର୍ଘଟଣାର ଆଶଙ୍କା ବଢ଼ିଯାଇଛି। ସ୍ଥାନୀୟ ଲୋକମାନେ ଏନେଇ ପଞ୍ଚାୟତ ଓ ବ୍ଲକ କର୍ତ୍ତୃପକ୍ଷଙ୍କୁ ଜଣାଇଥିଲେ ମଧ୍ୟ କୌଣସି ସମାଧାନ ହୋଇନାହିଁ। ତୁରନ୍ତ ଲାଇଟ୍ ମରାମତି କରିବାକୁ ଦାବି ହେଉଛି।
କଞ୍ଚାମାଳ (ଭାସ୍କର ନ୍ୟୁଜ): ସରକାର ପ୍ରତ୍ୟେକ ଛକ ସହ ଗ୍ରାମକୁ ଆଲୋକିତ କରିବା ପାଇଁ ଅନେକ ଯୋଜନା କରି ଚାଲିଛନ୍ତି। ହେଲେ ମଲିଗୁଡ଼ ଛକରେ ଲଗାଯାଇଥିବା ହାଇମାକ୍ସ ଲାଇଟ୍ ଗତ ଏକ ବର୍ଷ ହେଲା ଅଚଳ ପଡ଼ିରହିଛି। ରାତି ହେଲେ ଛକଟି ଅନ୍ଧାରରେ ବୁଡ଼ିଯାଉଛି। ପଥଚାରୀ ଓ ଯାନବାହନ ଚାଳକମାନଙ୍କୁ ଅସୁବିଧା ହେଉଛି। ଚୋରି ଓ ଦୁର୍ଘଟଣାର ଆଶଙ୍କା ବଢ଼ିଯାଇଛି। ସ୍ଥାନୀୟ ଲୋକମାନେ ଏନେଇ ପଞ୍ଚାୟତ ଓ ବ୍ଲକ କର୍ତ୍ତୃପକ୍ଷଙ୍କୁ ଜଣାଇଥିଲେ ମଧ୍ୟ କୌଣସି ସମାଧାନ ହୋଇନାହିଁ। ତୁରନ୍ତ ଲାଇଟ୍ ମରାମତି କରିବାକୁ ଦାବି ହେଉଛି।
କଞ୍ଚାମାଳ (ଭାସ୍କର ନ୍ୟୁଜ): ସରକାର ପ୍ରତ୍ୟେକ ଛକ ସହ ଗ୍ରାମକୁ ଆଲୋକିତ କରିବା ପାଇଁ ଅନେକ ଯୋଜନା କରି ଚାଲିଛନ୍ତି। ହେଲେ ମଲିଗୁଡ଼ ଛକରେ ଲଗାଯାଇଥିବା ହାଇମାକ୍ସ ଲାଇଟ୍ ଗତ ଏକ ବର୍ଷ ହେଲା ଅଚଳ ପଡ଼ିରହିଛି। ରାତି ହେଲେ ଛକଟି ଅନ୍ଧାରରେ ବୁଡ଼ିଯାଉଛି। ପଥଚାରୀ ଓ ଯାନବାହନ ଚାଳକମାନଙ୍କୁ ଅସୁବିଧା ହେଉଛି। ଚୋରି ଓ ଦୁର୍ଘଟଣାର ଆଶଙ୍କା ବଢ଼ିଯାଇଛି। ସ୍ଥାନୀୟ ଲୋକମାନେ ଏନେଇ ପଞ୍ଚାୟତ ଓ ବ୍ଲକ କର୍ତ୍ତୃପକ୍ଷଙ୍କୁ ଜଣାଇଥିଲେ ମଧ୍ୟ କୌଣସି ସମାଧାନ ହୋଇନାହିଁ। ତୁରନ୍ତ ଲାଇଟ୍ ମରାମତି କରିବାକୁ ଦାବି ହେଉଛି।
ଗୁଣୁପୁର (ଭାସ୍କର ନ୍ୟୁଜ): ରାୟଗଡ଼ା ଜିଲ୍ଲା ପାରାକ୍ଷିତି ପଞ୍ଚାୟତର ସରପଞ୍ଚଙ୍କ ବିରୁଦ୍ଧରେ ଅନାସ୍ଥା ପ୍ରସ୍ତାବ ଦାଖଲ କରିବା ପାଇଁ ୱାର୍ଡ ମେମ୍ବରମାନେ ଉପଜିଲ୍ଲାପାଳଙ୍କ ଦ୍ୱାରସ୍ଥ ହୋଇଛନ୍ତି। ପଞ୍ଚାୟତର ଉନ୍ନୟନମୂଳକ କାର୍ଯ୍ୟରେ ଅନିୟମିତତା ହେଉଥିବା ଅଭିଯୋଗ କରାଯାଇଛି।
